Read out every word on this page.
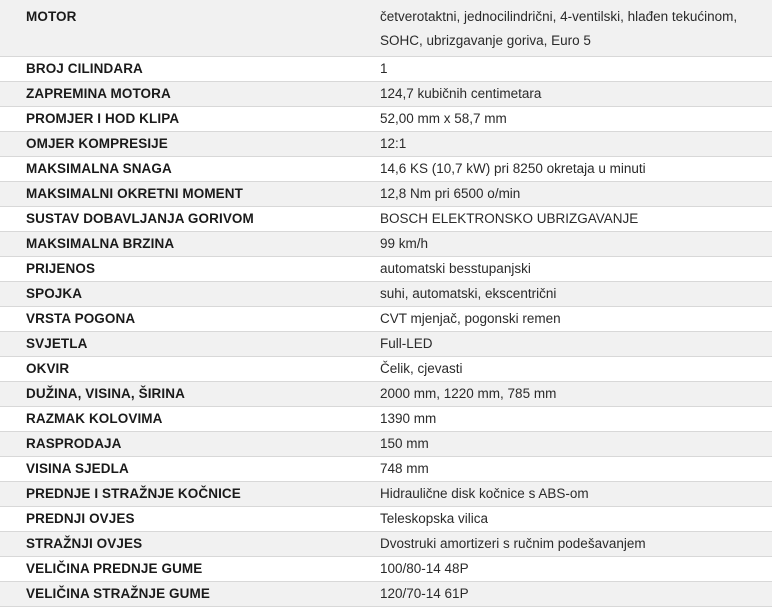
MOTOR	četverotaktni, jednocilindrični, 4-ventilski, hlađen tekućinom, SOHC, ubrizgavanje goriva, Euro 5
BROJ CILINDARA	1
ZAPREMINA MOTORA	124,7 kubičnih centimetara
PROMJER I HOD KLIPA	52,00 mm x 58,7 mm
OMJER KOMPRESIJE	12:1
MAKSIMALNA SNAGA	14,6 KS (10,7 kW) pri 8250 okretaja u minuti
MAKSIMALNI OKRETNI MOMENT	12,8 Nm pri 6500 o/min
SUSTAV DOBAVLJANJA GORIVOM	BOSCH ELEKTRONSKO UBRIZGAVANJE
MAKSIMALNA BRZINA	99 km/h
PRIJENOS	automatski besstupanjski
SPOJKA	suhi, automatski, ekscentrični
VRSTA POGONA	CVT mjenjač, pogonski remen
SVJETLA	Full-LED
OKVIR	Čelik, cjevasti
DUŽINA, VISINA, ŠIRINA	2000 mm, 1220 mm, 785 mm
RAZMAK KOLOVIMA	1390 mm
RASPRODAJA	150 mm
VISINA SJEDLA	748 mm
PREDNJE I STRAŽNJE KOČNICE	Hidraulične disk kočnice s ABS-om
PREDNJI OVJES	Teleskopska vilica
STRAŽNJI OVJES	Dvostruki amortizeri s ručnim podešavanjem
VELIČINA PREDNJE GUME	100/80-14 48P
VELIČINA STRAŽNJE GUME	120/70-14 61P
